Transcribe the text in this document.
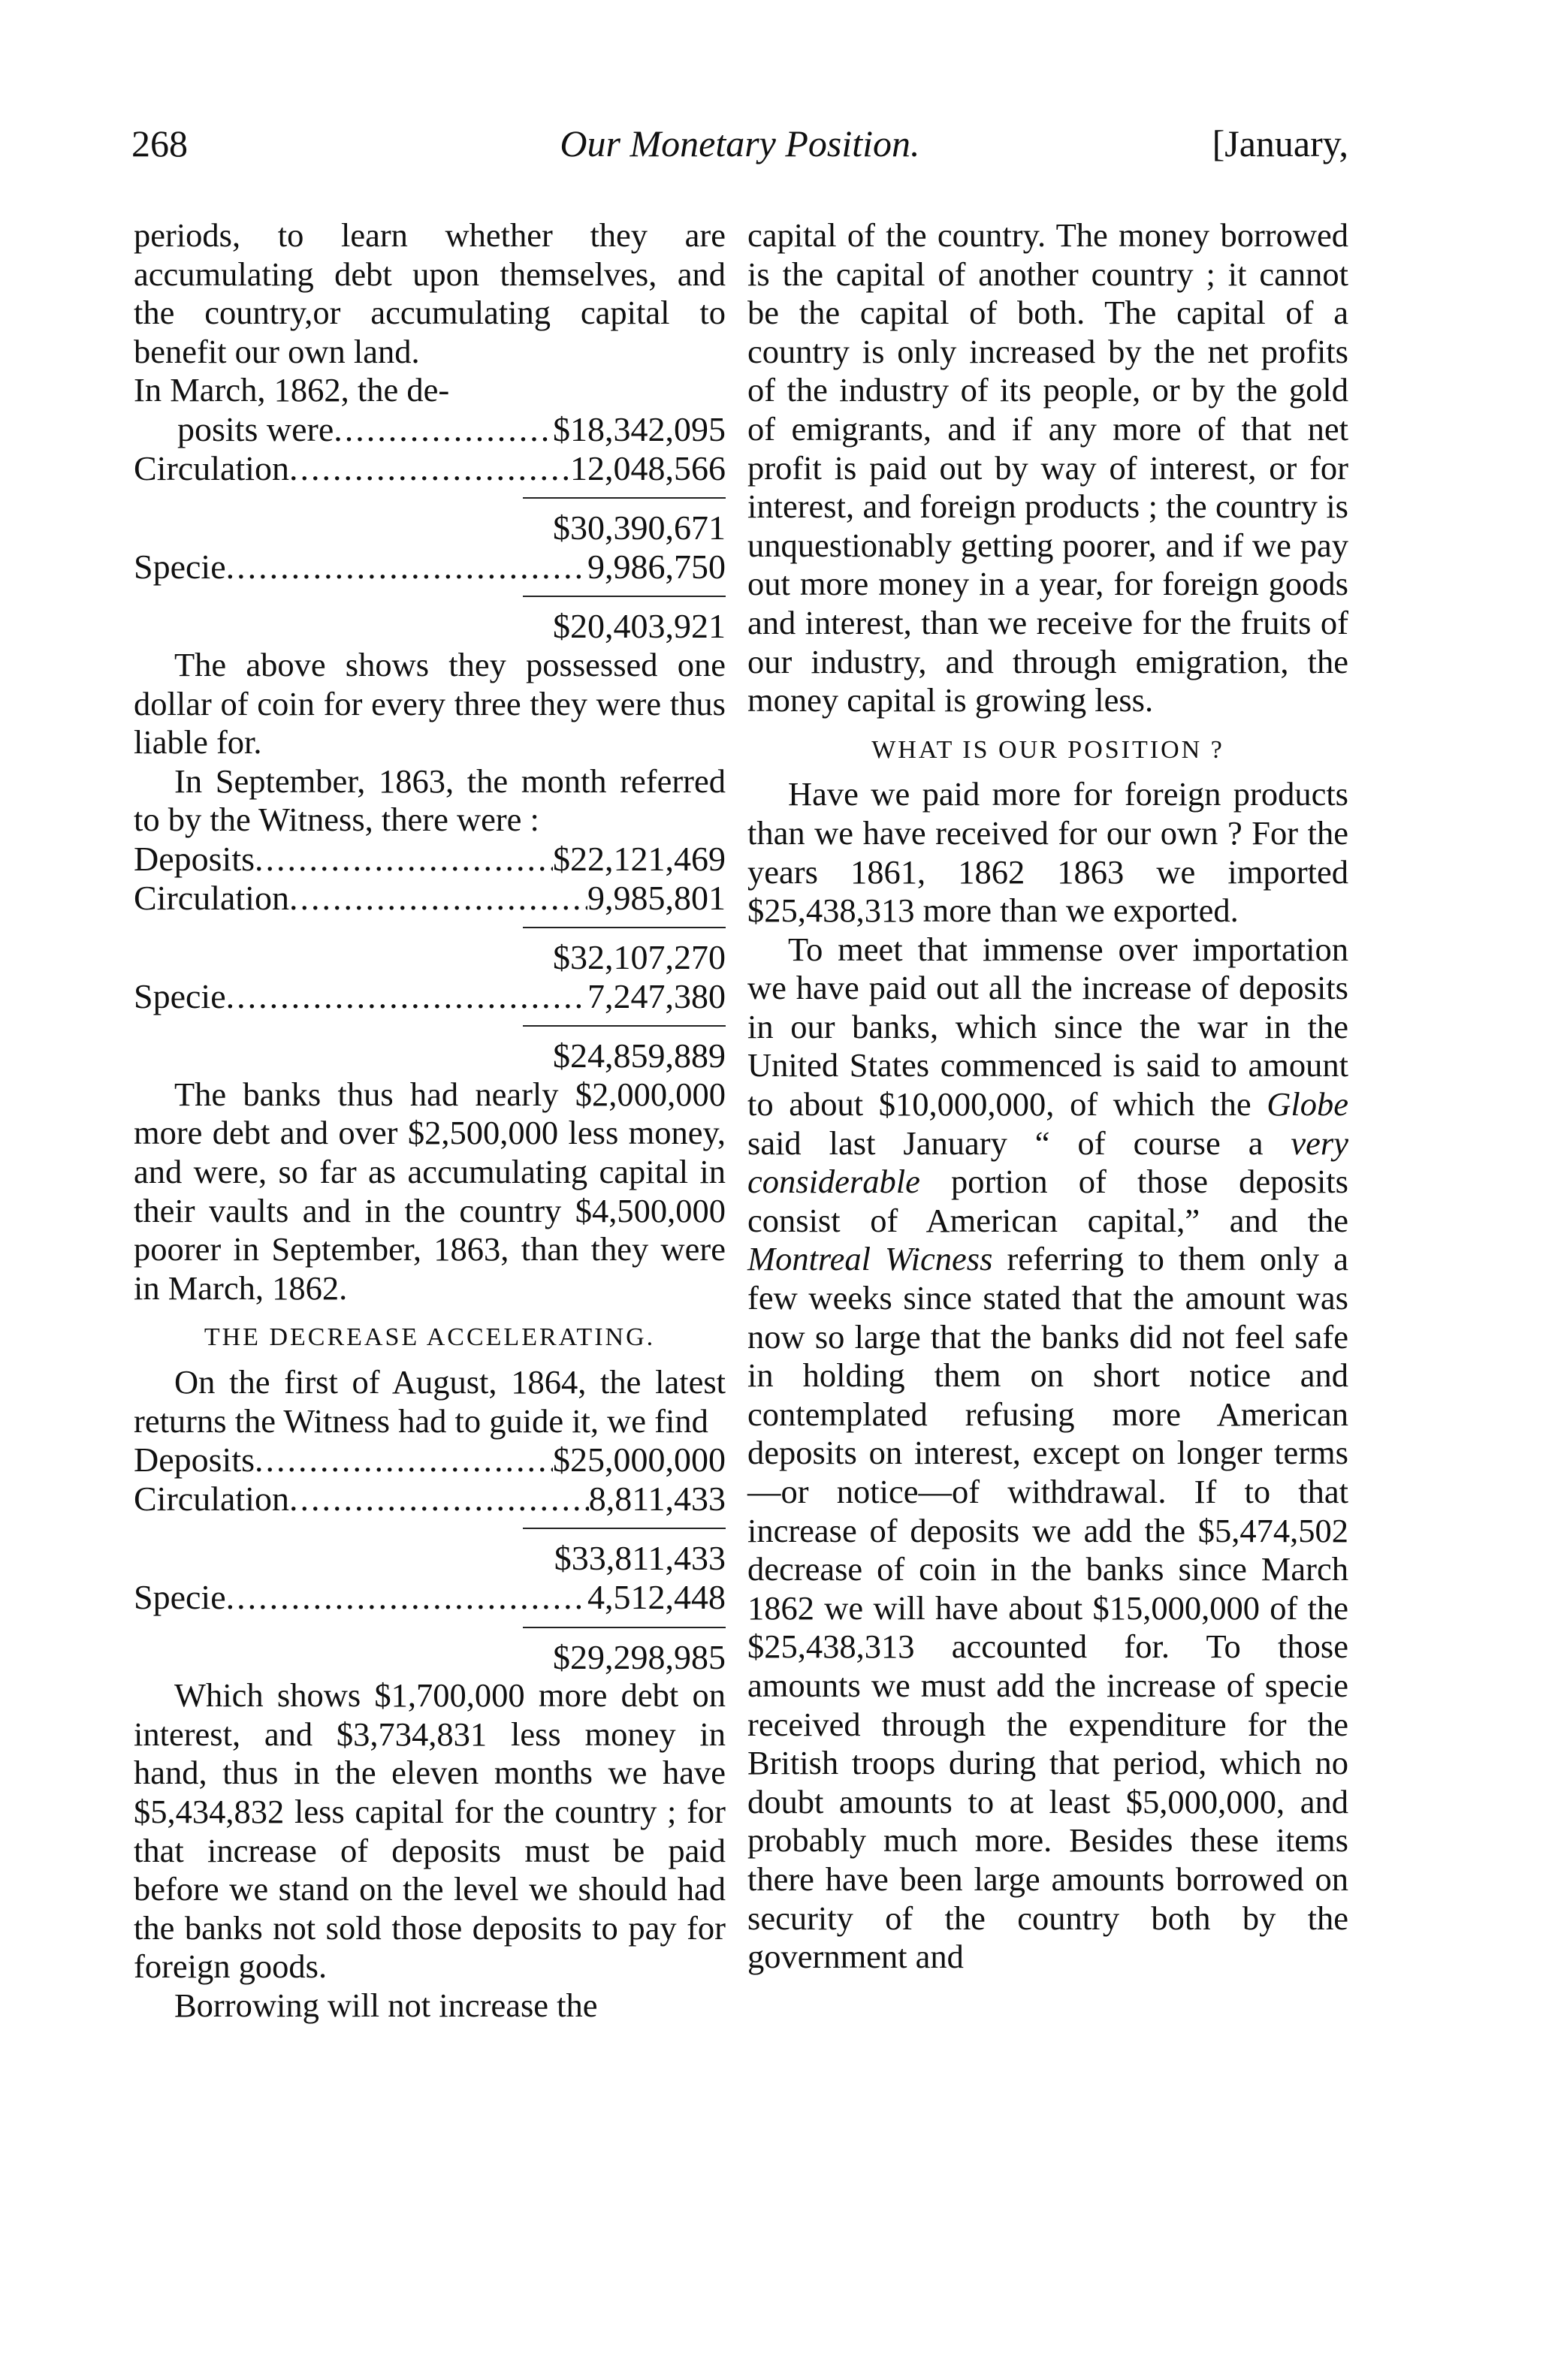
268	Our Monetary Position.	[January,

periods, to learn whether they are accumulating debt upon themselves, and the country,or accumulating capital to benefit our own land.

In March, 1862, the de-

posits were .....	$18,342,095
Circulation .....	12,048,566
$30,390,671
Specie .....	9,986,750
$20,403,921

The above shows they possessed one dollar of coin for every three they were thus liable for.

In September, 1863, the month referred to by the Witness, there were :

Deposits .....	$22,121,469
Circulation .....	9,985,801
$32,107,270
Specie .....	7,247,380
$24,859,889

The banks thus had nearly $2,000,000 more debt and over $2,500,000 less money, and were, so far as accumulating capital in their vaults and in the country $4,500,000 poorer in September, 1863, than they were in March, 1862.

THE DECREASE ACCELERATING.

On the first of August, 1864, the latest returns the Witness had to guide it, we find

Deposits .....	$25,000,000
Circulation .....	8,811,433
$33,811,433
Specie .....	4,512,448
$29,298,985

Which shows $1,700,000 more debt on interest, and $3,734,831 less money in hand, thus in the eleven months we have $5,434,832 less capital for the country ; for that increase of deposits must be paid before we stand on the level we should had the banks not sold those deposits to pay for foreign goods.

Borrowing will not increase the

capital of the country. The money borrowed is the capital of another country ; it cannot be the capital of both. The capital of a country is only increased by the net profits of the industry of its people, or by the gold of emigrants, and if any more of that net profit is paid out by way of interest, or for interest, and foreign products ; the country is unquestionably getting poorer, and if we pay out more money in a year, for foreign goods and interest, than we receive for the fruits of our industry, and through emigration, the money capital is growing less.

WHAT IS OUR POSITION ?

Have we paid more for foreign products than we have received for our own ? For the years 1861, 1862 1863 we imported $25,438,313 more than we exported.

To meet that immense over importation we have paid out all the increase of deposits in our banks, which since the war in the United States commenced is said to amount to about $10,000,000, of which the Globe said last January “ of course a very considerable portion of those deposits consist of American capital,” and the Montreal Wicness referring to them only a few weeks since stated that the amount was now so large that the banks did not feel safe in holding them on short notice and contemplated refusing more American deposits on interest, except on longer terms—or notice—of withdrawal. If to that increase of deposits we add the $5,474,502 decrease of coin in the banks since March 1862 we will have about $15,000,000 of the $25,438,313 accounted for. To those amounts we must add the increase of specie received through the expenditure for the British troops during that period, which no doubt amounts to at least $5,000,000, and probably much more. Besides these items there have been large amounts borrowed on security of the country both by the government and
